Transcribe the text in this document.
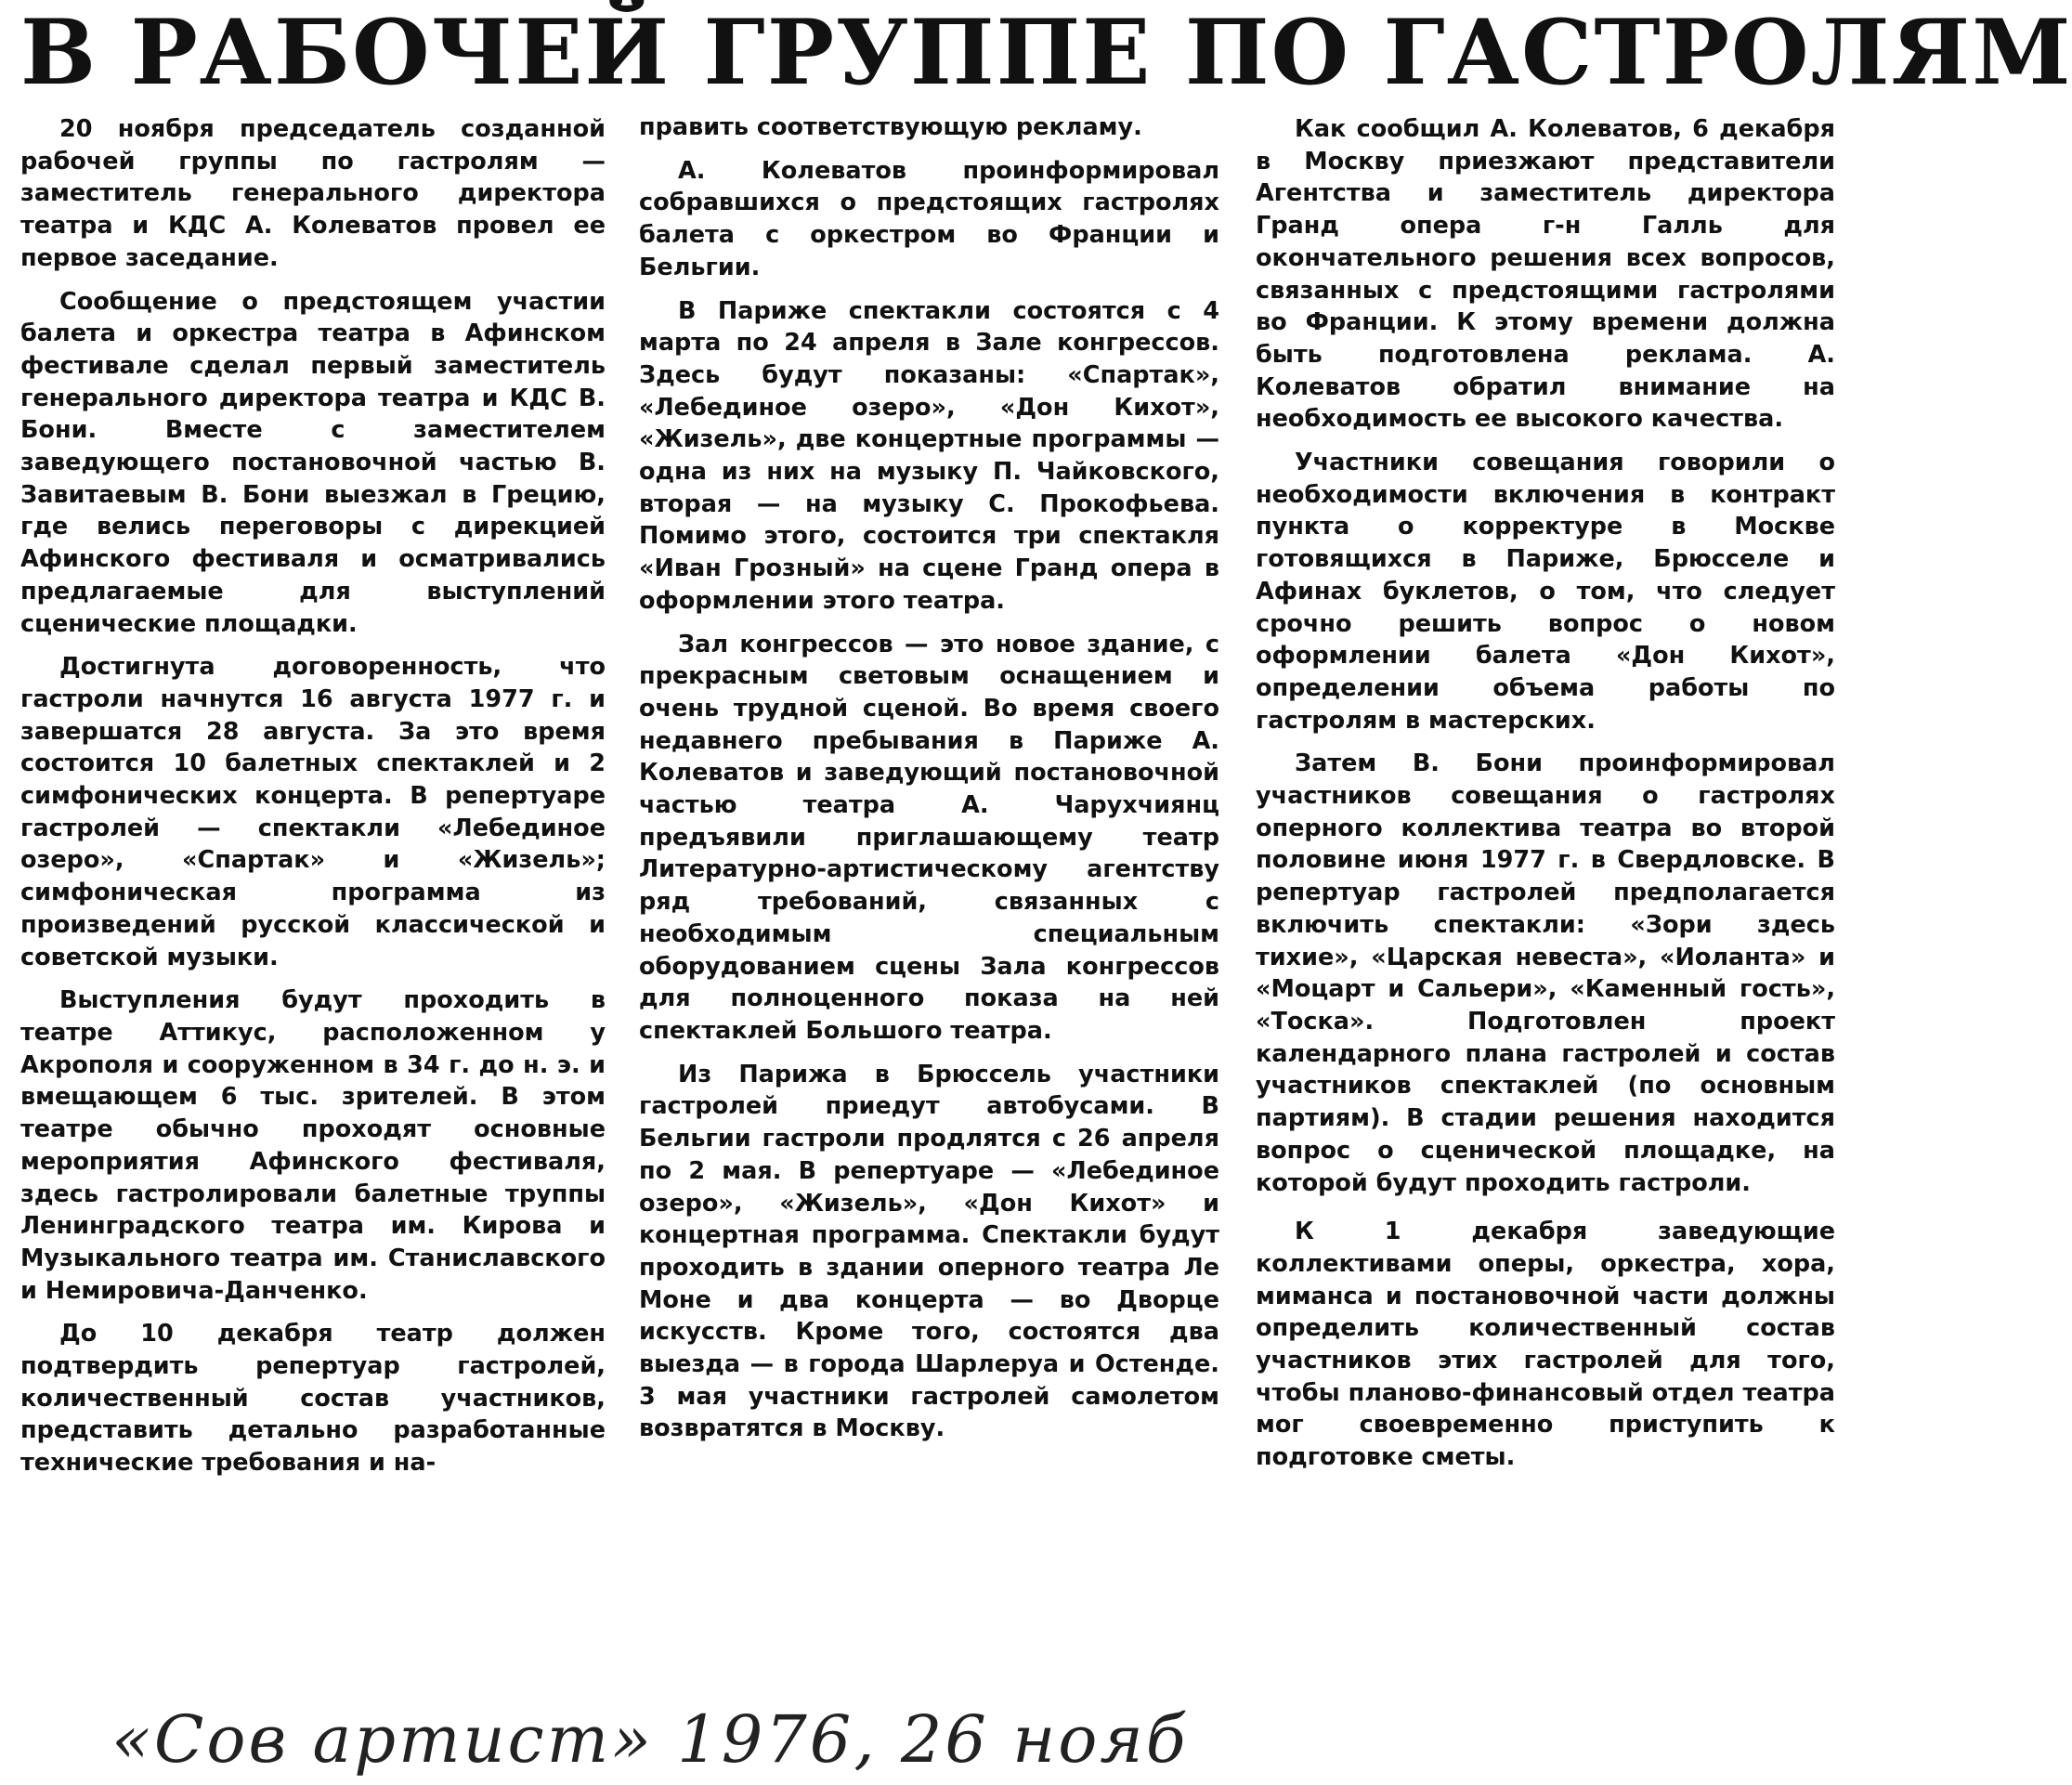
В РАБОЧЕЙ ГРУППЕ ПО ГАСТРОЛЯМ

20 ноября председатель созданной рабочей группы по гастролям — заместитель генерального директора театра и КДС А. Колеватов провел ее первое заседание.

Сообщение о предстоящем участии балета и оркестра театра в Афинском фестивале сделал первый заместитель генерального директора театра и КДС В. Бони. Вместе с заместителем заведующего постановочной частью В. Завитаевым В. Бони выезжал в Грецию, где велись переговоры с дирекцией Афинского фестиваля и осматривались предлагаемые для выступлений сценические площадки.

Достигнута договоренность, что гастроли начнутся 16 августа 1977 г. и завершатся 28 августа. За это время состоится 10 балетных спектаклей и 2 симфонических концерта. В репертуаре гастролей — спектакли «Лебединое озеро», «Спартак» и «Жизель»; симфоническая программа из произведений русской классической и советской музыки.

Выступления будут проходить в театре Аттикус, расположенном у Акрополя и сооруженном в 34 г. до н. э. и вмещающем 6 тыс. зрителей. В этом театре обычно проходят основные мероприятия Афинского фестиваля, здесь гастролировали балетные труппы Ленинградского театра им. Кирова и Музыкального театра им. Станиславского и Немировича-Данченко.

До 10 декабря театр должен подтвердить репертуар гастролей, количественный состав участников, представить детально разработанные технические требования и на-

править соответствующую рекламу.

А. Колеватов проинформировал собравшихся о предстоящих гастролях балета с оркестром во Франции и Бельгии.

В Париже спектакли состоятся с 4 марта по 24 апреля в Зале конгрессов. Здесь будут показаны: «Спартак», «Лебединое озеро», «Дон Кихот», «Жизель», две концертные программы — одна из них на музыку П. Чайковского, вторая — на музыку С. Прокофьева. Помимо этого, состоится три спектакля «Иван Грозный» на сцене Гранд опера в оформлении этого театра.

Зал конгрессов — это новое здание, с прекрасным световым оснащением и очень трудной сценой. Во время своего недавнего пребывания в Париже А. Колеватов и заведующий постановочной частью театра А. Чарухчиянц предъявили приглашающему театр Литературно-артистическому агентству ряд требований, связанных с необходимым специальным оборудованием сцены Зала конгрессов для полноценного показа на ней спектаклей Большого театра.

Из Парижа в Брюссель участники гастролей приедут автобусами. В Бельгии гастроли продлятся с 26 апреля по 2 мая. В репертуаре — «Лебединое озеро», «Жизель», «Дон Кихот» и концертная программа. Спектакли будут проходить в здании оперного театра Ле Моне и два концерта — во Дворце искусств. Кроме того, состоятся два выезда — в города Шарлеруа и Остенде. 3 мая участники гастролей самолетом возвратятся в Москву.

Как сообщил А. Колеватов, 6 декабря в Москву приезжают представители Агентства и заместитель директора Гранд опера г-н Галль для окончательного решения всех вопросов, связанных с предстоящими гастролями во Франции. К этому времени должна быть подготовлена реклама. А. Колеватов обратил внимание на необходимость ее высокого качества.

Участники совещания говорили о необходимости включения в контракт пункта о корректуре в Москве готовящихся в Париже, Брюсселе и Афинах буклетов, о том, что следует срочно решить вопрос о новом оформлении балета «Дон Кихот», определении объема работы по гастролям в мастерских.

Затем В. Бони проинформировал участников совещания о гастролях оперного коллектива театра во второй половине июня 1977 г. в Свердловске. В репертуар гастролей предполагается включить спектакли: «Зори здесь тихие», «Царская невеста», «Иоланта» и «Моцарт и Сальери», «Каменный гость», «Тоска». Подготовлен проект календарного плана гастролей и состав участников спектаклей (по основным партиям). В стадии решения находится вопрос о сценической площадке, на которой будут проходить гастроли.

К 1 декабря заведующие коллективами оперы, оркестра, хора, миманса и постановочной части должны определить количественный состав участников этих гастролей для того, чтобы планово-финансовый отдел театра мог своевременно приступить к подготовке сметы.

«Сов артист» 1976, 26 нояб
